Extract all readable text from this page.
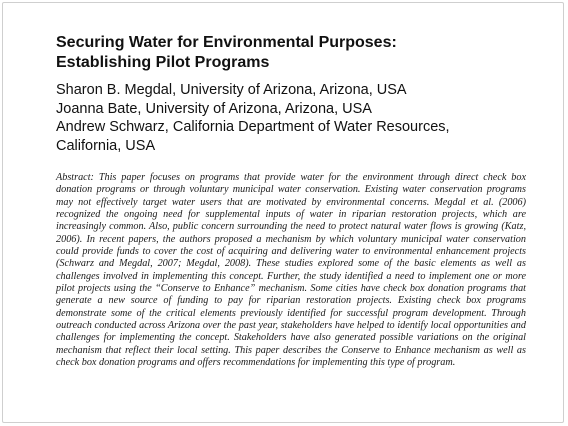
Securing Water for Environmental Purposes:
Establishing Pilot Programs
Sharon B. Megdal, University of Arizona, Arizona, USA
Joanna Bate, University of Arizona, Arizona, USA
Andrew Schwarz, California Department of Water Resources,
California, USA

Abstract: This paper focuses on programs that provide water for the environment through direct check box donation programs or through voluntary municipal water conservation. Existing water conservation programs may not effectively target water users that are motivated by environmental concerns. Megdal et al. (2006) recognized the ongoing need for supplemental inputs of water in riparian restoration projects, which are increasingly common. Also, public concern surrounding the need to protect natural water flows is growing (Katz, 2006). In recent papers, the authors proposed a mechanism by which voluntary municipal water conservation could provide funds to cover the cost of acquiring and delivering water to environmental enhancement projects (Schwarz and Megdal, 2007; Megdal, 2008). These studies explored some of the basic elements as well as challenges involved in implementing this concept. Further, the study identified a need to implement one or more pilot projects using the “Conserve to Enhance” mechanism. Some cities have check box donation programs that generate a new source of funding to pay for riparian restoration projects. Existing check box programs demonstrate some of the critical elements previously identified for successful program development. Through outreach conducted across Arizona over the past year, stakeholders have helped to identify local opportunities and challenges for implementing the concept. Stakeholders have also generated possible variations on the original mechanism that reflect their local setting. This paper describes the Conserve to Enhance mechanism as well as check box donation programs and offers recommendations for implementing this type of program.
